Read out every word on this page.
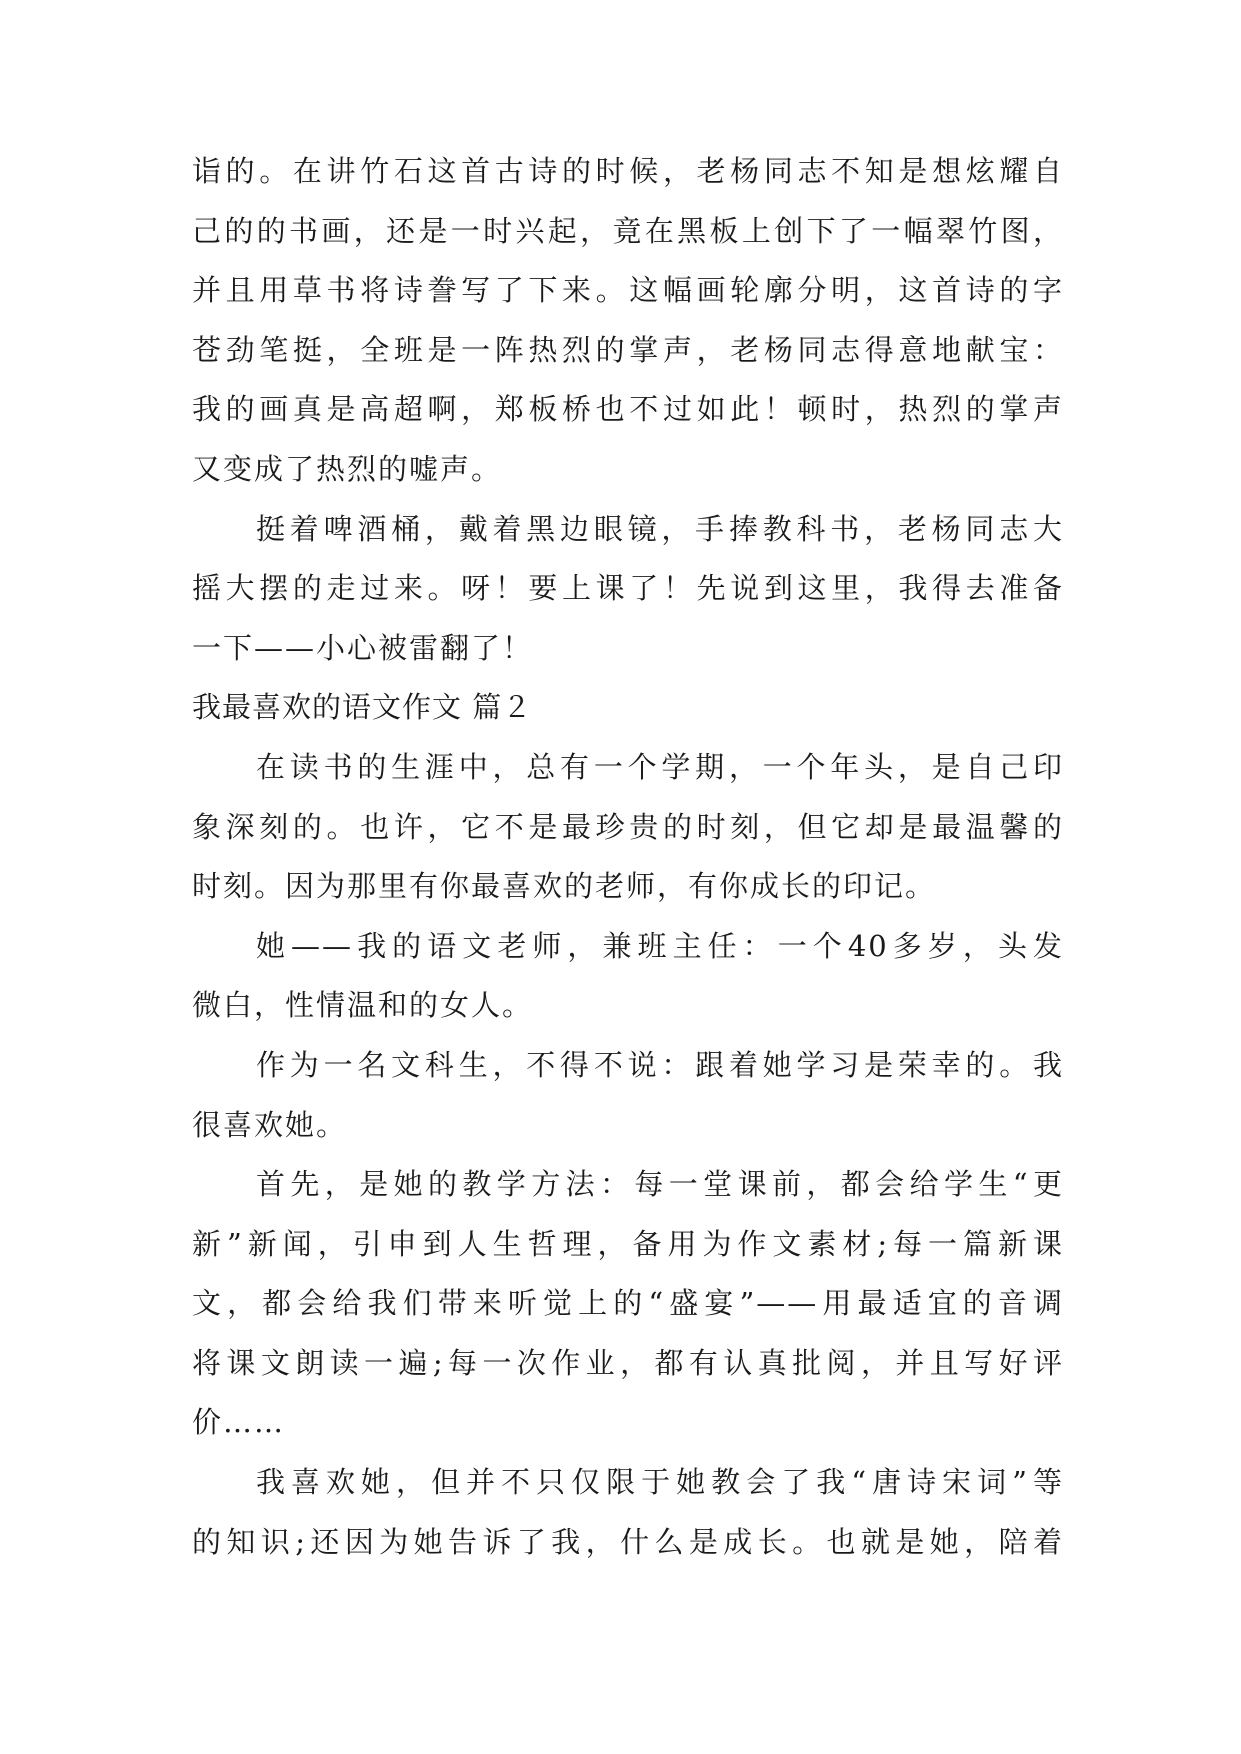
诣的。在讲竹石这首古诗的时候，老杨同志不知是想炫耀自
己的的书画，还是一时兴起，竟在黑板上创下了一幅翠竹图，
并且用草书将诗誊写了下来。这幅画轮廓分明，这首诗的字
苍劲笔挺，全班是一阵热烈的掌声，老杨同志得意地献宝：
我的画真是高超啊，郑板桥也不过如此！顿时，热烈的掌声
又变成了热烈的嘘声。
挺着啤酒桶，戴着黑边眼镜，手捧教科书，老杨同志大
摇大摆的走过来。呀！要上课了！先说到这里，我得去准备
一下——小心被雷翻了！
我最喜欢的语文作文 篇２
在读书的生涯中，总有一个学期，一个年头，是自己印
象深刻的。也许，它不是最珍贵的时刻，但它却是最温馨的
时刻。因为那里有你最喜欢的老师，有你成长的印记。
她——我的语文老师，兼班主任：一个40多岁，头发
微白，性情温和的女人。
作为一名文科生，不得不说：跟着她学习是荣幸的。我
很喜欢她。
首先，是她的教学方法：每一堂课前，都会给学生“更
新”新闻，引申到人生哲理，备用为作文素材;每一篇新课
文，都会给我们带来听觉上的“盛宴”——用最适宜的音调
将课文朗读一遍;每一次作业，都有认真批阅，并且写好评
价……
我喜欢她，但并不只仅限于她教会了我“唐诗宋词”等
的知识;还因为她告诉了我，什么是成长。也就是她，陪着
